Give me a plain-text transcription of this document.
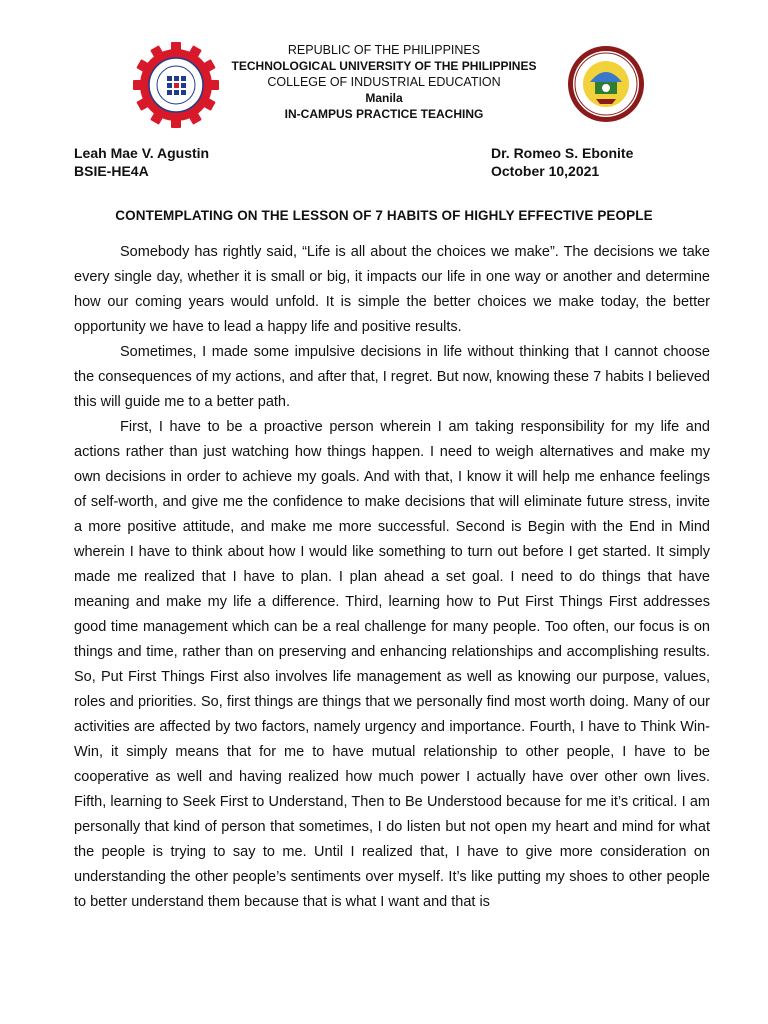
REPUBLIC OF THE PHILIPPINES
TECHNOLOGICAL UNIVERSITY OF THE PHILIPPINES
COLLEGE OF INDUSTRIAL EDUCATION
Manila
IN-CAMPUS PRACTICE TEACHING
Leah Mae V. Agustin
BSIE-HE4A
Dr. Romeo S. Ebonite
October 10,2021
CONTEMPLATING ON THE LESSON OF 7 HABITS OF HIGHLY EFFECTIVE PEOPLE

Somebody has rightly said, “Life is all about the choices we make”. The decisions we take every single day, whether it is small or big, it impacts our life in one way or another and determine how our coming years would unfold. It is simple the better choices we make today, the better opportunity we have to lead a happy life and positive results.

Sometimes, I made some impulsive decisions in life without thinking that I cannot choose the consequences of my actions, and after that, I regret. But now, knowing these 7 habits I believed this will guide me to a better path.

First, I have to be a proactive person wherein I am taking responsibility for my life and actions rather than just watching how things happen. I need to weigh alternatives and make my own decisions in order to achieve my goals. And with that, I know it will help me enhance feelings of self-worth, and give me the confidence to make decisions that will eliminate future stress, invite a more positive attitude, and make me more successful. Second is Begin with the End in Mind wherein I have to think about how I would like something to turn out before I get started. It simply made me realized that I have to plan. I plan ahead a set goal. I need to do things that have meaning and make my life a difference. Third, learning how to Put First Things First addresses good time management which can be a real challenge for many people. Too often, our focus is on things and time, rather than on preserving and enhancing relationships and accomplishing results. So, Put First Things First also involves life management as well as knowing our purpose, values, roles and priorities. So, first things are things that we personally find most worth doing. Many of our activities are affected by two factors, namely urgency and importance. Fourth, I have to Think Win-Win, it simply means that for me to have mutual relationship to other people, I have to be cooperative as well and having realized how much power I actually have over other own lives. Fifth, learning to Seek First to Understand, Then to Be Understood because for me it’s critical. I am personally that kind of person that sometimes, I do listen but not open my heart and mind for what the people is trying to say to me. Until I realized that, I have to give more consideration on understanding the other people’s sentiments over myself. It’s like putting my shoes to other people to better understand them because that is what I want and that is
